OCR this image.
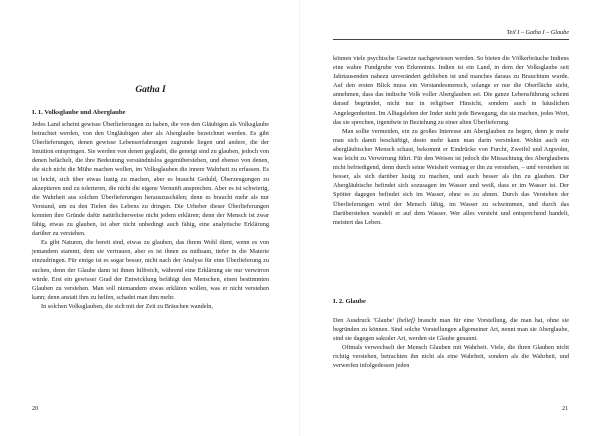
Gatha I
I. 1. Volksglaube und Aberglaube

Jedes Land scheint gewisse Überlieferungen zu haben, die von den Gläubigen als Volksglaube betrachtet werden, von den Ungläubigen aber als Aberglaube bezeichnet werden. Es gibt Überlieferungen, denen gewisse Lebenserfahrungen zugrunde liegen und andere, die der Intuition entspringen. Sie werden von denen geglaubt, die geneigt sind zu glauben, jedoch von denen belächelt, die ihre Bedeutung verständnislos gegenüberstehen, und ebenso von denen, die sich nicht die Mühe machen wollen, im Volksglauben die innere Wahrheit zu erfassen. Es ist leicht, sich über etwas lustig zu machen, aber es braucht Geduld, Überzeugungen zu akzeptieren und zu tolerieren, die nicht die eigene Vernunft ansprechen. Aber es ist schwierig, die Wahrheit aus solchen Überlieferungen herauszuschälen; denn es braucht mehr als nur Verstand, um zu den Tiefen des Lebens zu dringen. Die Urheber dieser Überlieferungen konnten ihre Gründe dafür natürlicherweise nicht jedem erklären; denn der Mensch ist zwar fähig, etwas zu glauben, ist aber nicht unbedingt auch fähig, eine analytische Erklärung darüber zu verstehen.

Es gibt Naturen, die bereit sind, etwas zu glauben, das ihrem Wohl dient, wenn es von jemandem stammt, dem sie vertrauen, aber es ist ihnen zu mühsam, tiefer in die Materie einzudringen. Für einige ist es sogar besser, nicht nach der Analyse für eine Überlieferung zu suchen, denn der Glaube dann ist ihnen hilfreich, während eine Erklärung sie nur verwirren würde. Erst ein gewisser Grad der Entwicklung befähigt den Menschen, einen bestimmten Glauben zu verstehen. Man soll niemandem etwas erklären wollen, was er nicht verstehen kann; denn anstatt ihm zu helfen, schadet man ihm mehr.

In solchen Volksglauben, die sich mit der Zeit zu Bräuchen wandeln,

20
Teil I – Gatha I – Glaube

können viele psychische Gesetze nachgewiesen werden. So bieten die Völkerbräuche Indiens eine wahre Fundgrube von Erkenntnis. Indien ist ein Land, in dem der Volksglaube seit Jahrtausenden nahezu unverändert geblieben ist und manches daraus zu Brauchtum wurde. Auf den ersten Blick muss ein Verstandesmensch, solange er nur die Oberfläche sieht, annehmen, dass das indische Volk voller Aberglauben sei. Die ganze Lebensführung scheint darauf begründet, nicht nur in religiöser Hinsicht, sondern auch in häuslichen Angelegenheiten. Im Alltagsleben der Inder steht jede Bewegung, die sie machen, jedes Wort, das sie sprechen, irgendwie in Beziehung zu einer alten Überlieferung.

Man sollte vermeiden, ein zu großes Interesse am Aberglauben zu hegen, denn je mehr man sich damit beschäftigt, desto mehr kann man darin versinken. Wohin auch ein abergläubischer Mensch schaut, bekommt er Eindrücke von Furcht, Zweifel und Argwohn, was leicht zu Verwirrung führt. Für den Weisen ist jedoch die Missachtung des Aberglaubens nicht befriedigend, denn durch seine Weisheit vermag er ihn zu verstehen, – und verstehen ist besser, als sich darüber lustig zu machen, und auch besser als ihn zu glauben. Der Abergläubische befindet sich sozusagen im Wasser und weiß, dass er im Wasser ist. Der Spötter dagegen befindet sich im Wasser, ohne es zu ahnen. Durch das Verstehen der Überlieferungen wird der Mensch fähig, im Wasser zu schwimmen, und durch das Darüberstehen wandelt er auf dem Wasser. Wer alles versteht und entsprechend handelt, meistert das Leben.

I. 2. Glaube

Den Ausdruck 'Glaube' (belief) braucht man für eine Vorstellung, die man hat, ohne sie begründen zu können. Sind solche Vorstellungen allgemeiner Art, nennt man sie Aberglaube, sind sie dagegen sakraler Art, werden sie Glaube genannt.

Oftmals verwechselt der Mensch Glauben mit Wahrheit. Viele, die ihren Glauben nicht richtig verstehen, betrachten ihn nicht als eine Wahrheit, sondern als die Wahrheit, und verwerfen infolgedessen jeden

21
